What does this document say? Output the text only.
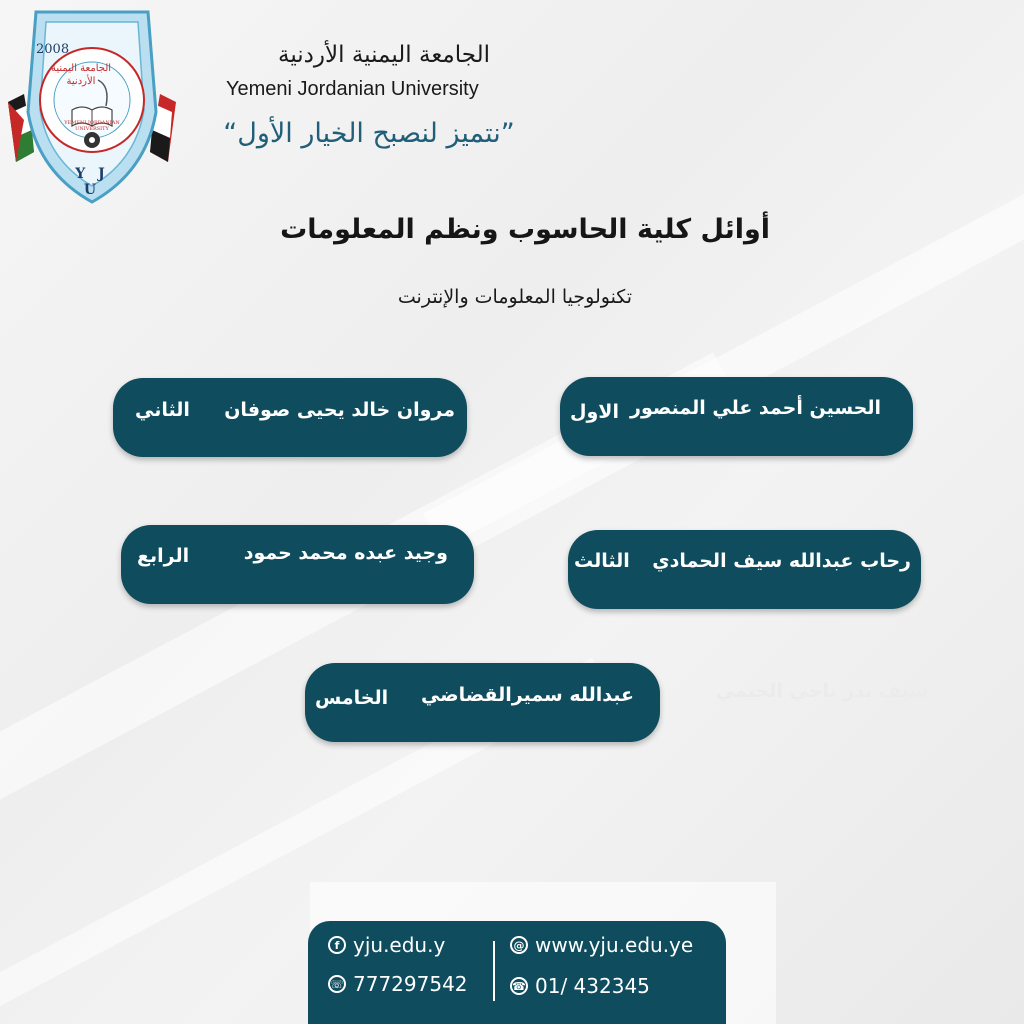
2008
الجامعة اليمنية الأردنية
YEMENI JORDANIAN UNIVERSITY
Y J U
الجامعة اليمنية الأردنية
Yemeni Jordanian University
”نتميز لنصبح الخيار الأول“
أوائل كلية الحاسوب ونظم المعلومات
تكنولوجيا المعلومات والإنترنت
الحسين أحمد علي المنصور
الاول
مروان خالد يحيى صوفان
الثاني
رحاب عبدالله سيف الحمادي
الثالث
وجيد عبده محمد حمود
الرابع
عبدالله سميرالقضاضي
الخامس	سيف بدر ناجي الحيمي
f yju.edu.y	@ www.yju.edu.ye
☏ 777297542	☎ 01/ 432345
